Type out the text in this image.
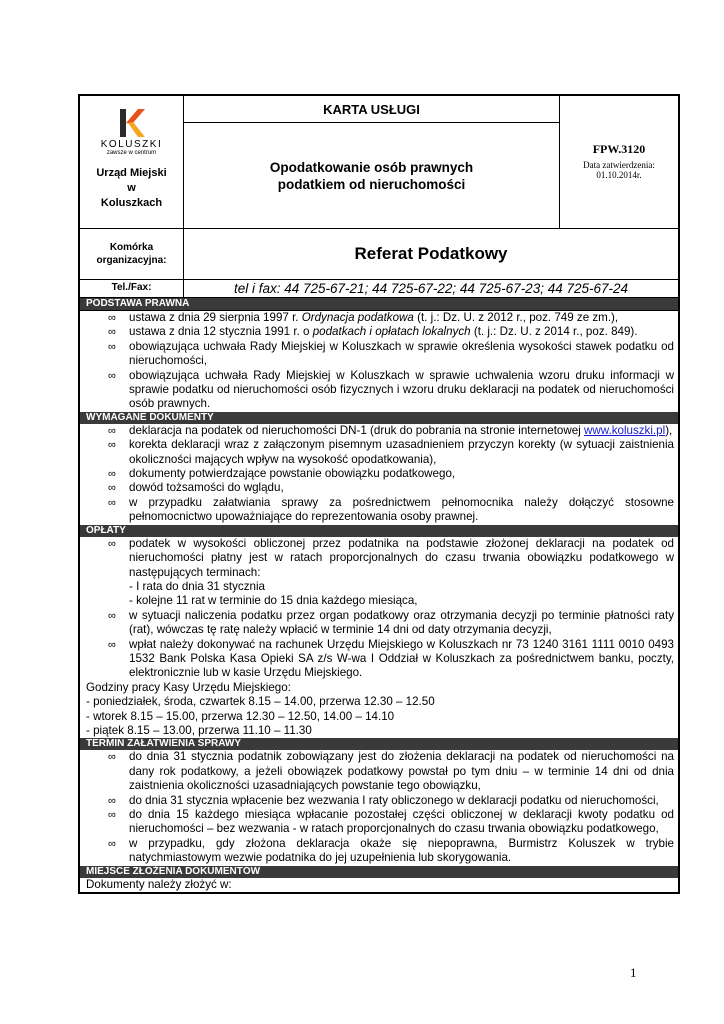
KOLUSZKI
zawsze w centrum
Urząd Miejski
w
Koluszkach
KARTA USŁUGI
Opodatkowanie osób prawnych
podatkiem od nieruchomości
FPW.3120
Data zatwierdzenia:
01.10.2014r.
Komórka
organizacyjna:	Referat Podatkowy
Tel./Fax:	tel i fax: 44 725-67-21; 44 725-67-22; 44 725-67-23; 44 725-67-24
PODSTAWA PRAWNA
∞ ustawa z dnia 29 sierpnia 1997 r. Ordynacja podatkowa (t. j.: Dz. U. z 2012 r., poz. 749 ze zm.),
∞ ustawa z dnia 12 stycznia 1991 r. o podatkach i opłatach lokalnych (t. j.: Dz. U. z 2014 r., poz. 849).
∞ obowiązująca uchwała Rady Miejskiej w Koluszkach w sprawie określenia wysokości stawek podatku od nieruchomości,
∞ obowiązująca uchwała Rady Miejskiej w Koluszkach w sprawie uchwalenia wzoru druku informacji w sprawie podatku od nieruchomości osób fizycznych i wzoru druku deklaracji na podatek od nieruchomości osób prawnych.
WYMAGANE DOKUMENTY
∞ deklaracja na podatek od nieruchomości DN-1 (druk do pobrania na stronie internetowej www.koluszki.pl),
∞ korekta deklaracji wraz z załączonym pisemnym uzasadnieniem przyczyn korekty (w sytuacji zaistnienia okoliczności mających wpływ na wysokość opodatkowania),
∞ dokumenty potwierdzające powstanie obowiązku podatkowego,
∞ dowód tożsamości do wglądu,
∞ w przypadku załatwiania sprawy za pośrednictwem pełnomocnika należy dołączyć stosowne pełnomocnictwo upoważniające do reprezentowania osoby prawnej.
OPŁATY
∞ podatek w wysokości obliczonej przez podatnika na podstawie złożonej deklaracji na podatek od nieruchomości płatny jest w ratach proporcjonalnych do czasu trwania obowiązku podatkowego w następujących terminach:
- I rata do dnia 31 stycznia
- kolejne 11 rat w terminie do 15 dnia każdego miesiąca,
∞ w sytuacji naliczenia podatku przez organ podatkowy oraz otrzymania decyzji po terminie płatności raty (rat), wówczas tę ratę należy wpłacić w terminie 14 dni od daty otrzymania decyzji,
∞ wpłat należy dokonywać na rachunek Urzędu Miejskiego w Koluszkach nr 73 1240 3161 1111 0010 0493 1532 Bank Polska Kasa Opieki SA z/s W-wa I Oddział w Koluszkach za pośrednictwem banku, poczty, elektronicznie lub w kasie Urzędu Miejskiego.
Godziny pracy Kasy Urzędu Miejskiego:
- poniedziałek, środa, czwartek 8.15 – 14.00, przerwa 12.30 – 12.50
- wtorek 8.15 – 15.00, przerwa 12.30 – 12.50, 14.00 – 14.10
- piątek 8.15 – 13.00, przerwa 11.10 – 11.30
TERMIN ZAŁATWIENIA SPRAWY
∞ do dnia 31 stycznia podatnik zobowiązany jest do złożenia deklaracji na podatek od nieruchomości na dany rok podatkowy, a jeżeli obowiązek podatkowy powstał po tym dniu – w terminie 14 dni od dnia zaistnienia okoliczności uzasadniających powstanie tego obowiązku,
∞ do dnia 31 stycznia wpłacenie bez wezwania I raty obliczonego w deklaracji podatku od nieruchomości,
∞ do dnia 15 każdego miesiąca wpłacanie pozostałej części obliczonej w deklaracji kwoty podatku od nieruchomości – bez wezwania - w ratach proporcjonalnych do czasu trwania obowiązku podatkowego,
∞ w przypadku, gdy złożona deklaracja okaże się niepoprawna, Burmistrz Koluszek w trybie natychmiastowym wezwie podatnika do jej uzupełnienia lub skorygowania.
MIEJSCE ZŁOŻENIA DOKUMENTÓW
Dokumenty należy złożyć w:
1
